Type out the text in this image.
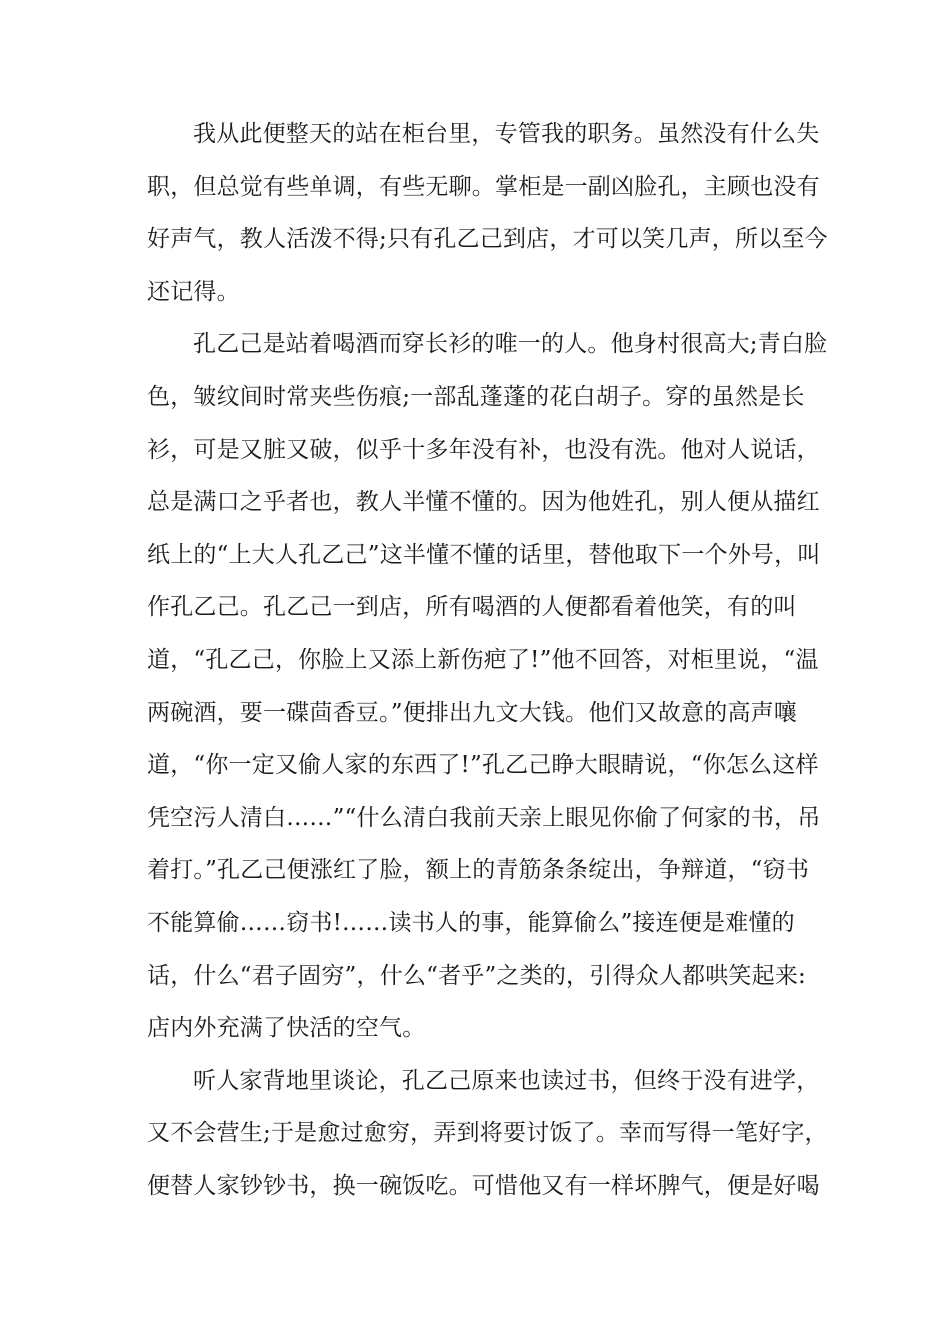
我从此便整天的站在柜台里，专管我的职务。虽然没有什么失
职，但总觉有些单调，有些无聊。掌柜是一副凶脸孔，主顾也没有
好声气，教人活泼不得;只有孔乙己到店，才可以笑几声，所以至今
还记得。
孔乙己是站着喝酒而穿长衫的唯一的人。他身村很高大;青白脸
色，皱纹间时常夹些伤痕;一部乱蓬蓬的花白胡子。穿的虽然是长
衫，可是又脏又破，似乎十多年没有补，也没有洗。他对人说话，
总是满口之乎者也，教人半懂不懂的。因为他姓孔，别人便从描红
纸上的“上大人孔乙己”这半懂不懂的话里，替他取下一个外号，叫
作孔乙己。孔乙己一到店，所有喝酒的人便都看着他笑，有的叫
道，“孔乙己，你脸上又添上新伤疤了!”他不回答，对柜里说，“温
两碗酒，要一碟茴香豆。”便排出九文大钱。他们又故意的高声嚷
道，“你一定又偷人家的东西了!”孔乙己睁大眼睛说，“你怎么这样
凭空污人清白……”“什么清白我前天亲上眼见你偷了何家的书，吊
着打。”孔乙己便涨红了脸，额上的青筋条条绽出，争辩道，“窃书
不能算偷……窃书!……读书人的事，能算偷么”接连便是难懂的
话，什么“君子固穷”，什么“者乎”之类的，引得众人都哄笑起来:
店内外充满了快活的空气。
听人家背地里谈论，孔乙己原来也读过书，但终于没有进学，
又不会营生;于是愈过愈穷，弄到将要讨饭了。幸而写得一笔好字，
便替人家钞钞书，换一碗饭吃。可惜他又有一样坏脾气，便是好喝
